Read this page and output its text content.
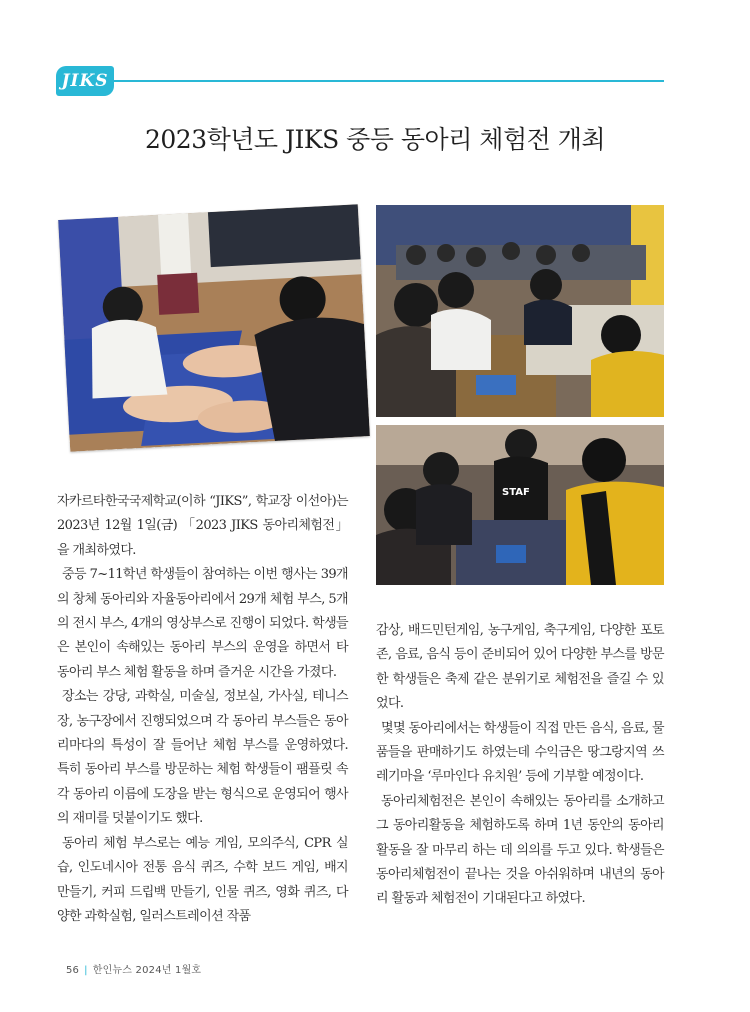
JIKS
2023학년도 JIKS 중등 동아리 체험전 개최
STAF

자카르타한국국제학교(이하 “JIKS”, 학교장 이선아)는 2023년 12월 1일(금) 「2023 JIKS 동아리체험전」을 개최하였다.

중등 7~11학년 학생들이 참여하는 이번 행사는 39개의 창체 동아리와 자율동아리에서 29개 체험 부스, 5개의 전시 부스, 4개의 영상부스로 진행이 되었다. 학생들은 본인이 속해있는 동아리 부스의 운영을 하면서 타 동아리 부스 체험 활동을 하며 즐거운 시간을 가졌다.

장소는 강당, 과학실, 미술실, 정보실, 가사실, 테니스장, 농구장에서 진행되었으며 각 동아리 부스들은 동아리마다의 특성이 잘 들어난 체험 부스를 운영하였다. 특히 동아리 부스를 방문하는 체험 학생들이 팸플릿 속 각 동아리 이름에 도장을 받는 형식으로 운영되어 행사의 재미를 덧붙이기도 했다.

동아리 체험 부스로는 예능 게임, 모의주식, CPR 실습, 인도네시아 전통 음식 퀴즈, 수학 보드 게임, 배지 만들기, 커피 드립백 만들기, 인물 퀴즈, 영화 퀴즈, 다양한 과학실험, 일러스트레이션 작품

감상, 배드민턴게임, 농구게임, 축구게임, 다양한 포토존, 음료, 음식 등이 준비되어 있어 다양한 부스를 방문한 학생들은 축제 같은 분위기로 체험전을 즐길 수 있었다.

몇몇 동아리에서는 학생들이 직접 만든 음식, 음료, 물품들을 판매하기도 하였는데 수익금은 땅그랑지역 쓰레기마을 ‘루마인다 유치원’ 등에 기부할 예정이다.

동아리체험전은 본인이 속해있는 동아리를 소개하고 그 동아리활동을 체험하도록 하며 1년 동안의 동아리 활동을 잘 마무리 하는 데 의의를 두고 있다. 학생들은 동아리체험전이 끝나는 것을 아쉬워하며 내년의 동아리 활동과 체험전이 기대된다고 하였다.

56 | 한인뉴스 2024년 1월호
